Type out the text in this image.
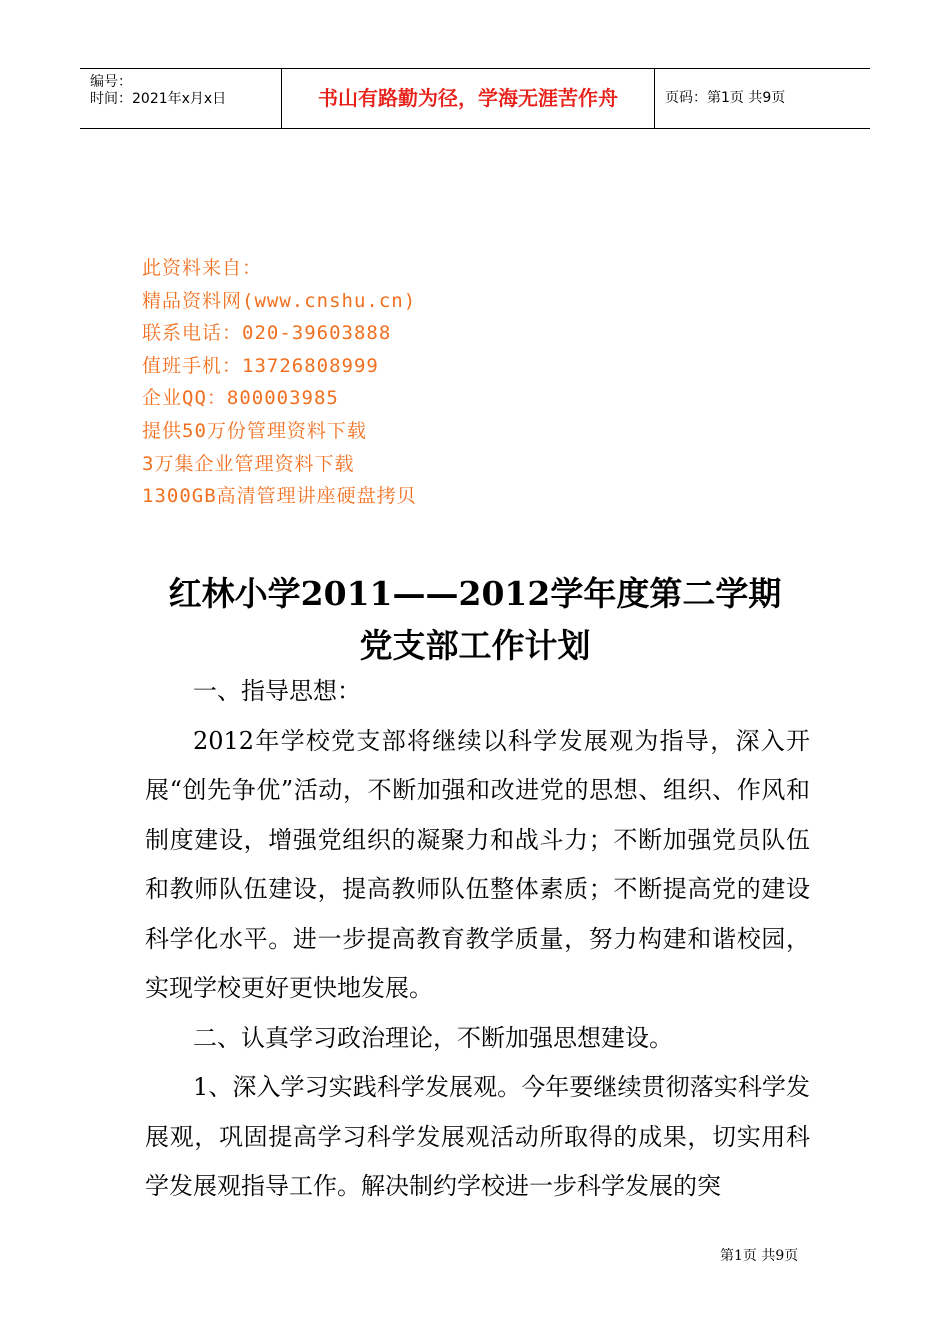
编号：
时间：2021年x月x日	书山有路勤为径，学海无涯苦作舟	页码：第1页 共9页
此资料来自：
精品资料网(www.cnshu.cn)
联系电话：020-39603888
值班手机：13726808999
企业QQ：800003985
提供50万份管理资料下载
3万集企业管理资料下载
1300GB高清管理讲座硬盘拷贝
红林小学2011——2012学年度第二学期
党支部工作计划

一、指导思想：

2012年学校党支部将继续以科学发展观为指导，深入开展“创先争优”活动，不断加强和改进党的思想、组织、作风和制度建设，增强党组织的凝聚力和战斗力；不断加强党员队伍和教师队伍建设，提高教师队伍整体素质；不断提高党的建设科学化水平。进一步提高教育教学质量，努力构建和谐校园，实现学校更好更快地发展。

二、认真学习政治理论，不断加强思想建设。

1、深入学习实践科学发展观。今年要继续贯彻落实科学发展观，巩固提高学习科学发展观活动所取得的成果，切实用科学发展观指导工作。解决制约学校进一步科学发展的突

第1页 共9页
